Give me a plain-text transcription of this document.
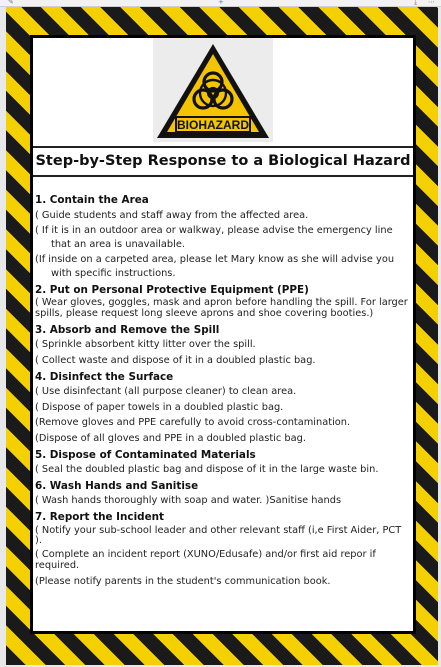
✎	+	⤓ ⋯
BIOHAZARD
Step-by-Step Response to a Biological Hazard
1. Contain the Area
( Guide students and staff away from the affected area.
( If it is in an outdoor area or walkway, please advise the emergency line that an area is unavailable.
(If inside on a carpeted area, please let Mary know as she will advise you with specific instructions.
2. Put on Personal Protective Equipment (PPE)
( Wear gloves, goggles, mask and apron before handling the spill. For larger spills, please request long sleeve aprons and shoe covering booties.)
3. Absorb and Remove the Spill
( Sprinkle absorbent kitty litter over the spill.
( Collect waste and dispose of it in a doubled plastic bag.
4. Disinfect the Surface
( Use disinfectant (all purpose cleaner) to clean area.
( Dispose of paper towels in a doubled plastic bag.
(Remove gloves and PPE carefully to avoid cross-contamination.
(Dispose of all gloves and PPE in a doubled plastic bag.
5. Dispose of Contaminated Materials
( Seal the doubled plastic bag and dispose of it in the large waste bin.
6. Wash Hands and Sanitise
( Wash hands thoroughly with soap and water. )Sanitise hands
7. Report the Incident
( Notify your sub-school leader and other relevant staff (i,e First Aider, PCT ).
( Complete an incident report (XUNO/Edusafe) and/or first aid repor if required.
(Please notify parents in the student's communication book.
